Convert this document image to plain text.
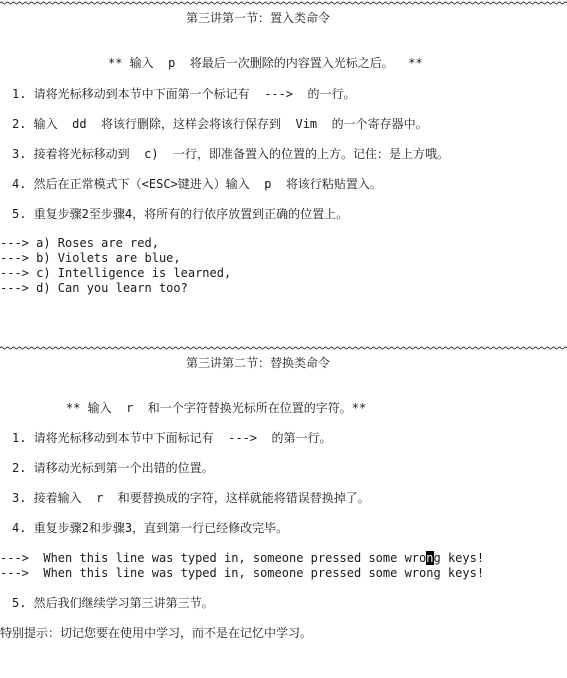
第三讲第一节：置入类命令
** 输入  p  将最后一次删除的内容置入光标之后。  **
1. 请将光标移动到本节中下面第一个标记有  --->  的一行。
2. 输入  dd  将该行删除，这样会将该行保存到  Vim  的一个寄存器中。
3. 接着将光标移动到  c)  一行，即准备置入的位置的上方。记住：是上方哦。
4. 然后在正常模式下（<ESC>键进入）输入  p  将该行粘贴置入。
5. 重复步骤2至步骤4，将所有的行依序放置到正确的位置上。
---> a) Roses are red,
---> b) Violets are blue,
---> c) Intelligence is learned,
---> d) Can you learn too?
第三讲第二节：替换类命令
** 输入  r  和一个字符替换光标所在位置的字符。**
1. 请将光标移动到本节中下面标记有  --->  的第一行。
2. 请移动光标到第一个出错的位置。
3. 接着输入  r  和要替换成的字符，这样就能将错误替换掉了。
4. 重复步骤2和步骤3，直到第一行已经修改完毕。
--->  When this line was typed in, someone pressed some wrong keys!
--->  When this line was typed in, someone pressed some wrong keys!
5. 然后我们继续学习第三讲第三节。
特别提示：切记您要在使用中学习，而不是在记忆中学习。
